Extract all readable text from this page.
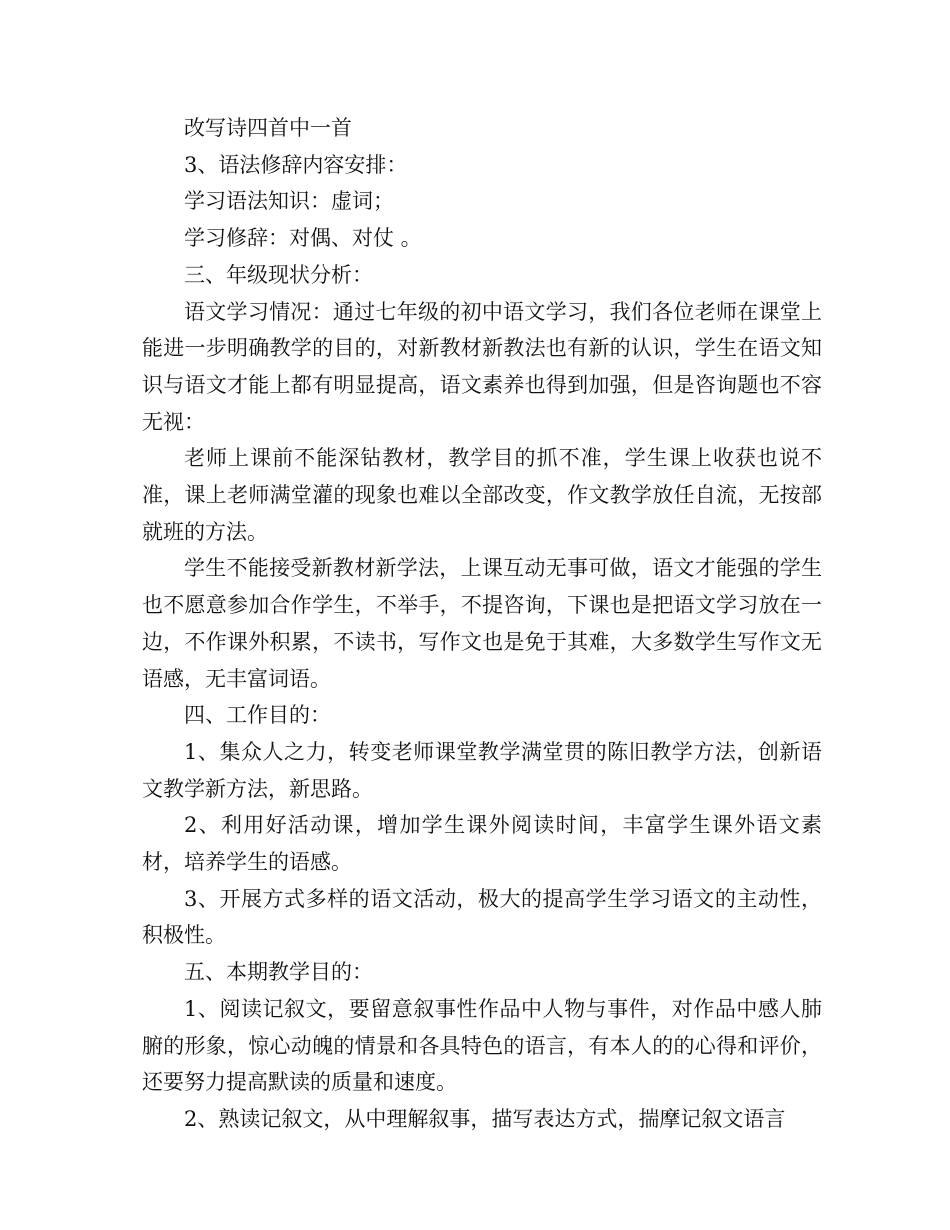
改写诗四首中一首

3、语法修辞内容安排：

学习语法知识：虚词；

学习修辞：对偶、对仗 。

三、年级现状分析：

语文学习情况：通过七年级的初中语文学习，我们各位老师在课堂上能进一步明确教学的目的，对新教材新教法也有新的认识，学生在语文知识与语文才能上都有明显提高，语文素养也得到加强，但是咨询题也不容无视：

老师上课前不能深钻教材，教学目的抓不准，学生课上收获也说不准，课上老师满堂灌的现象也难以全部改变，作文教学放任自流，无按部就班的方法。

学生不能接受新教材新学法，上课互动无事可做，语文才能强的学生也不愿意参加合作学生，不举手，不提咨询，下课也是把语文学习放在一边，不作课外积累，不读书，写作文也是免于其难，大多数学生写作文无语感，无丰富词语。

四、工作目的：

1、集众人之力，转变老师课堂教学满堂贯的陈旧教学方法，创新语文教学新方法，新思路。

2、利用好活动课，增加学生课外阅读时间，丰富学生课外语文素材，培养学生的语感。

3、开展方式多样的语文活动，极大的提高学生学习语文的主动性，积极性。

五、本期教学目的：

1、阅读记叙文，要留意叙事性作品中人物与事件，对作品中感人肺腑的形象，惊心动魄的情景和各具特色的语言，有本人的的心得和评价，还要努力提高默读的质量和速度。

2、熟读记叙文，从中理解叙事，描写表达方式，揣摩记叙文语言
